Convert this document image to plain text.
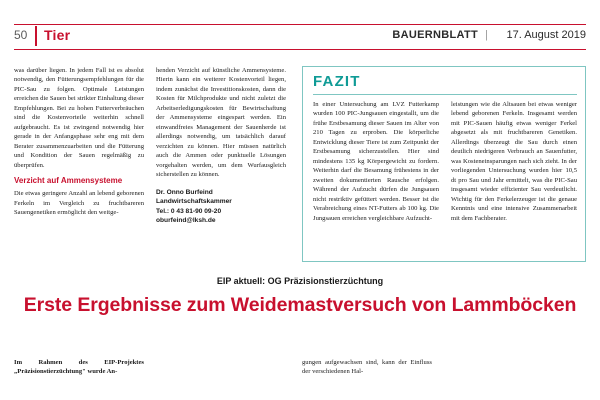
50 Tier	BAUERNBLATT | 17. August 2019

was darüber liegen. In jedem Fall ist es absolut notwendig, den Fütterungsempfehlungen für die PIC-Sau zu folgen. Optimale Leistungen erreichen die Sauen bei strikter Einhaltung dieser Empfehlungen. Bei zu hohen Futterverbräuchen sind die Kostenvorteile weiterhin schnell aufgebraucht. Es ist zwingend notwendig hier gerade in der Anfangsphase sehr eng mit dem Berater zusammenzuarbeiten und die Fütterung und Kondition der Sauen regelmäßig zu überprüfen.

Verzicht auf Ammensysteme

Die etwas geringere Anzahl an lebend geborenen Ferkeln im Vergleich zu fruchtbareren Sauengenetiken ermöglicht den weitge-

henden Verzicht auf künstliche Ammensysteme. Hierin kann ein weiterer Kostenvorteil liegen, indem zunächst die Investitionskosten, dann die Kosten für Milchprodukte und nicht zuletzt die Arbeitserledigungskosten für Bewirtschaftung der Ammensysteme eingespart werden. Ein einwandfreies Management der Sauenherde ist allerdings notwendig, um tatsächlich darauf verzichten zu können. Hier müssen natürlich auch die Ammen oder punktuelle Lösungen vorgehalten werden, um dem Wurfausgleich sicherstellen zu können.

Dr. Onno Burfeind
Landwirtschaftskammer
Tel.: 0 43 81-90 09-20
oburfeind@lksh.de
FAZIT

In einer Untersuchung am LVZ Futterkamp wurden 100 PIC-Jungsauen eingestallt, um die frühe Erstbesamung dieser Sauen im Alter von 210 Tagen zu erproben. Die körperliche Entwicklung dieser Tiere ist zum Zeitpunkt der Erstbesamung sicherzustellen. Hier sind mindestens 135 kg Körpergewicht zu fordern. Weiterhin darf die Besamung frühestens in der zweiten dokumentierten Rausche erfolgen. Während der Aufzucht dürfen die Jungsauen nicht restriktiv gefüttert werden. Besser ist die Verabreichung eines NT-Futters ab 100 kg. Die Jungsauen erreichen vergleichbare Aufzucht-

leistungen wie die Altsauen bei etwas weniger lebend geborenen Ferkeln. Insgesamt werden mit PIC-Sauen häufig etwas weniger Ferkel abgesetzt als mit fruchtbareren Genetiken. Allerdings überzeugt die Sau durch einen deutlich niedrigeren Verbrauch an Sauenfutter, was Kosteneinsparungen nach sich zieht. In der vorliegenden Untersuchung wurden hier 10,5 dt pro Sau und Jahr ermittelt, was die PIC-Sau insgesamt wieder effizienter Sau verdeutlicht. Wichtig für den Ferkelerzeuger ist die genaue Kenntnis und eine intensive Zusammenarbeit mit dem Fachberater.

EIP aktuell: OG Präzisionstierzüchtung
Erste Ergebnisse zum Weidemastversuch von Lammböcken

Im Rahmen des EIP-Projektes „Präzisionstierzüchtung" wurde An-

gungen aufgewachsen sind, kann der Einfluss der verschiedenen Hal-
